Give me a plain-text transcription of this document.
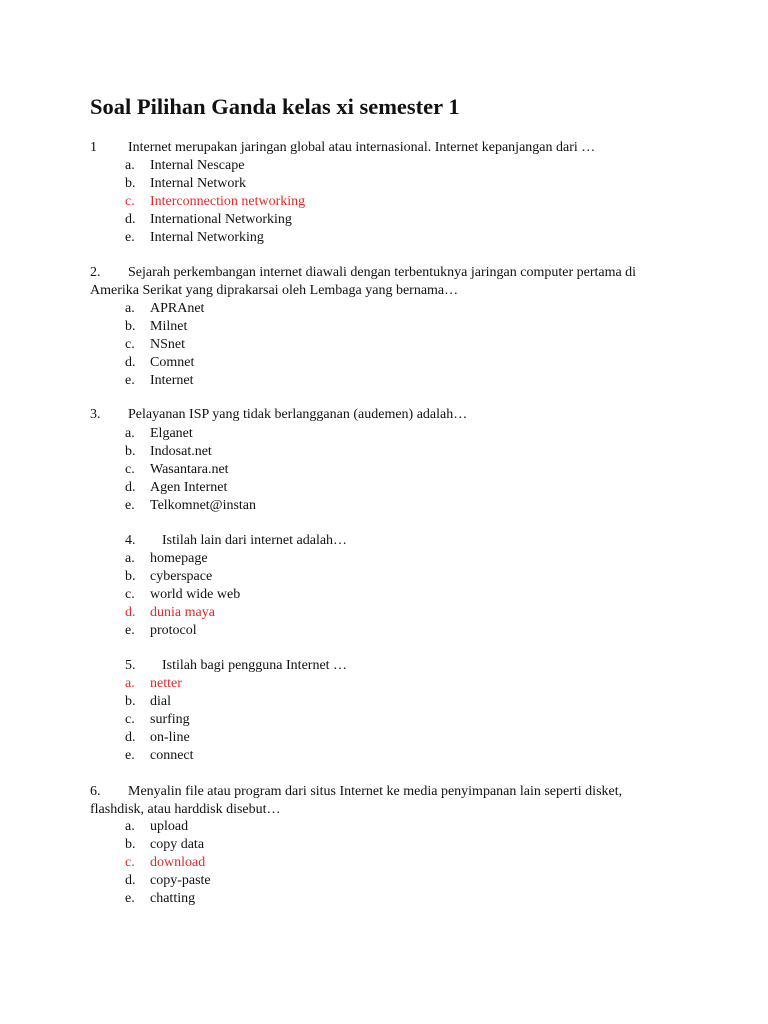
Soal Pilihan Ganda kelas xi semester 1
1 Internet merupakan jaringan global atau internasional. Internet kepanjangan dari …
a. Internal Nescape
b. Internal Network
c. Interconnection networking
d. International Networking
e. Internal Networking
2. Sejarah perkembangan internet diawali dengan terbentuknya jaringan computer pertama di
Amerika Serikat yang diprakarsai oleh Lembaga yang bernama…
a. APRAnet
b. Milnet
c. NSnet
d. Comnet
e. Internet
3. Pelayanan ISP yang tidak berlangganan (audemen) adalah…
a. Elganet
b. Indosat.net
c. Wasantara.net
d. Agen Internet
e. Telkomnet@instan
4. Istilah lain dari internet adalah…
a. homepage
b. cyberspace
c. world wide web
d. dunia maya
e. protocol
5. Istilah bagi pengguna Internet …
a. netter
b. dial
c. surfing
d. on-line
e. connect
6. Menyalin file atau program dari situs Internet ke media penyimpanan lain seperti disket,
flashdisk, atau harddisk disebut…
a. upload
b. copy data
c. download
d. copy-paste
e. chatting
